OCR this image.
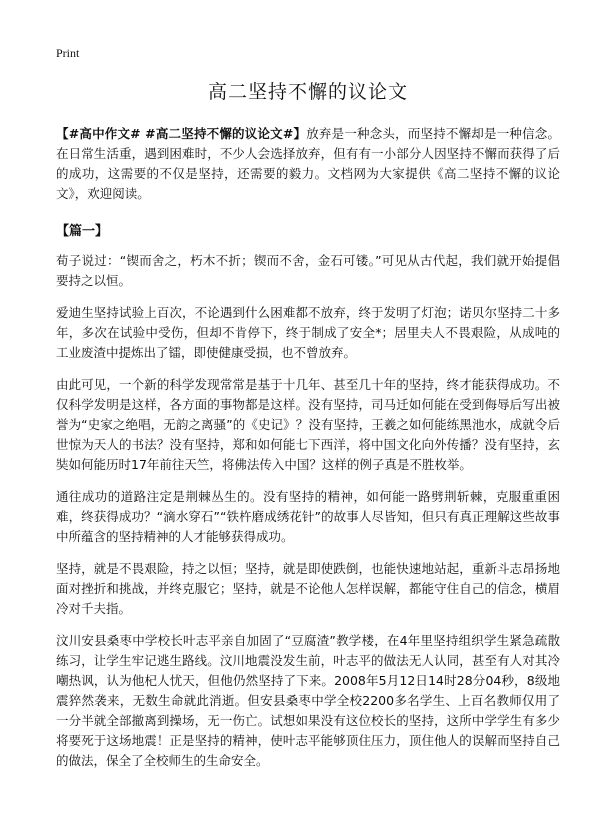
Print
高二坚持不懈的议论文

【#高中作文# #高二坚持不懈的议论文#】放弃是一种念头，而坚持不懈却是一种信念。在日常生活重，遇到困难时，不少人会选择放弃，但有有一小部分人因坚持不懈而获得了后的成功，这需要的不仅是坚持，还需要的毅力。文档网为大家提供《高二坚持不懈的议论文》，欢迎阅读。

【篇一】

荀子说过：“锲而舍之，朽木不折；锲而不舍，金石可镂。”可见从古代起，我们就开始提倡要持之以恒。

爱迪生坚持试验上百次，不论遇到什么困难都不放弃，终于发明了灯泡；诺贝尔坚持二十多年，多次在试验中受伤，但却不肯停下，终于制成了安全*；居里夫人不畏艰险，从成吨的工业废渣中提炼出了镭，即使健康受损，也不曾放弃。

由此可见，一个新的科学发现常常是基于十几年、甚至几十年的坚持，终才能获得成功。不仅科学发明是这样，各方面的事物都是这样。没有坚持，司马迁如何能在受到侮辱后写出被誉为“史家之绝唱，无韵之离骚”的《史记》？没有坚持，王羲之如何能练黑池水，成就令后世惊为天人的书法？没有坚持，郑和如何能七下西洋，将中国文化向外传播？没有坚持，玄奘如何能历时17年前往天竺，将佛法传入中国？这样的例子真是不胜枚举。

通往成功的道路注定是荆棘丛生的。没有坚持的精神，如何能一路劈荆斩棘，克服重重困难，终获得成功？“滴水穿石”“铁杵磨成绣花针”的故事人尽皆知，但只有真正理解这些故事中所蕴含的坚持精神的人才能够获得成功。

坚持，就是不畏艰险，持之以恒；坚持，就是即使跌倒，也能快速地站起，重新斗志昂扬地面对挫折和挑战，并终克服它；坚持，就是不论他人怎样误解，都能守住自己的信念，横眉冷对千夫指。

汶川安县桑枣中学校长叶志平亲自加固了“豆腐渣”教学楼，在4年里坚持组织学生紧急疏散练习，让学生牢记逃生路线。汶川地震没发生前，叶志平的做法无人认同，甚至有人对其冷嘲热讽，认为他杞人忧天，但他仍然坚持了下来。2008年5月12日14时28分04秒，8级地震猝然袭来，无数生命就此消逝。但安县桑枣中学全校2200多名学生、上百名教师仅用了一分半就全部撤离到操场，无一伤亡。试想如果没有这位校长的坚持，这所中学学生有多少将要死于这场地震！正是坚持的精神，使叶志平能够顶住压力，顶住他人的误解而坚持自己的做法，保全了全校师生的生命安全。
